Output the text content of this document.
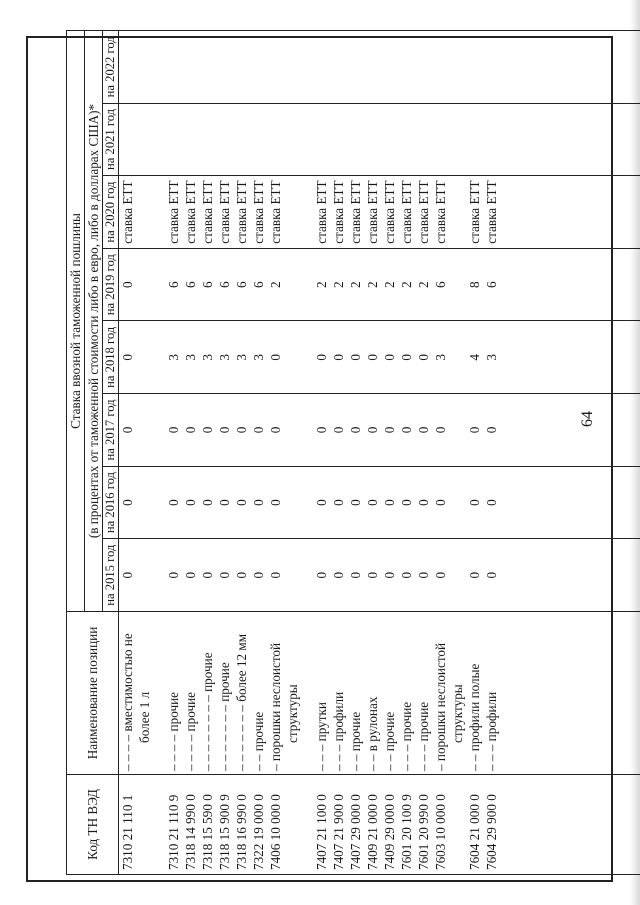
64
Код ТН ВЭД	Наименование позиции	Ставка ввозной таможенной пошлины							

		(в процентах от таможенной стоимости либо в евро, либо в долларах США)*							
		на 2015 год	на 2016 год	на 2017 год	на 2018 год	на 2019 год	на 2020 год	на 2021 год	на 2022 год
7310 21 110 1	– – – – вместимостью не более 1 л	0	0	0	0	0	ставка ЕТТ		

7310 21 110 9	– – – – прочие	0	0	0	3	6	ставка ЕТТ		
7318 14 990 0	– – – – прочие	0	0	0	3	6	ставка ЕТТ		
7318 15 590 0	– – – – – – – – прочие	0	0	0	3	6	ставка ЕТТ		
7318 15 900 9	– – – – – – – прочие	0	0	0	3	6	ставка ЕТТ		
7318 16 990 0	– – – – – – – более 12 мм	0	0	0	3	6	ставка ЕТТ		
7322 19 000 0	– – прочие	0	0	0	3	6	ставка ЕТТ		
7406 10 000 0	– порошки неслоистой структуры	0	0	0	0	2	ставка ЕТТ		

7407 21 100 0	– – – прутки	0	0	0	0	2	ставка ЕТТ		
7407 21 900 0	– – – профили	0	0	0	0	2	ставка ЕТТ		
7407 29 000 0	– – прочие	0	0	0	0	2	ставка ЕТТ		
7409 21 000 0	– – в рулонах	0	0	0	0	2	ставка ЕТТ		
7409 29 000 0	– – прочие	0	0	0	0	2	ставка ЕТТ		
7601 20 100 9	– – – прочие	0	0	0	0	2	ставка ЕТТ		
7601 20 990 0	– – – прочие	0	0	0	0	2	ставка ЕТТ		
7603 10 000 0	– порошки неслоистой структуры	0	0	0	3	6	ставка ЕТТ		
7604 21 000 0	– – профили полые	0	0	0	4	8	ставка ЕТТ		
7604 29 900 0	– – – профили	0	0	0	3	6	ставка ЕТТ		
